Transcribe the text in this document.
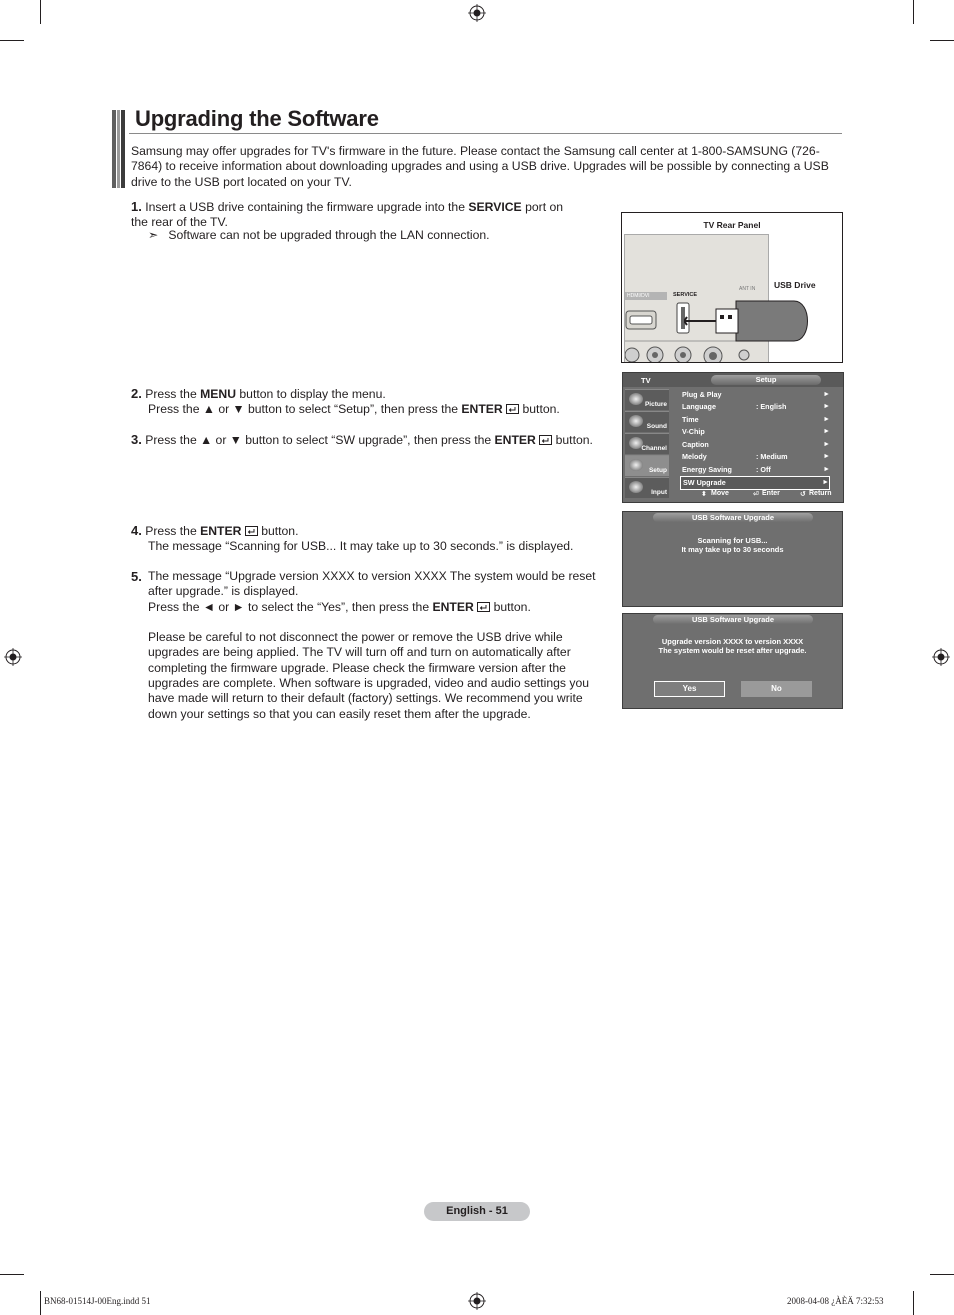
Upgrading the Software
Samsung may offer upgrades for TV's firmware in the future. Please contact the Samsung call center at 1-800-SAMSUNG (726-7864) to receive information about downloading upgrades and using a USB drive. Upgrades will be possible by connecting a USB drive to the USB port located on your TV.
1. Insert a USB drive containing the firmware upgrade into the SERVICE port on the rear of the TV.
➣ Software can not be upgraded through the LAN connection.
2. Press the MENU button to display the menu.
Press the ▲ or ▼ button to select “Setup”, then press the ENTER  button.
3. Press the ▲ or ▼ button to select “SW upgrade”, then press the ENTER  button.
4. Press the ENTER  button.
The message “Scanning for USB... It may take up to 30 seconds.” is displayed.
5. The message “Upgrade version XXXX to version XXXX The system would be reset after upgrade.” is displayed.
Press the ◄ or ► to select the “Yes”, then press the ENTER  button.
Please be careful to not disconnect the power or remove the USB drive while upgrades are being applied. The TV will turn off and turn on automatically after completing the firmware upgrade. Please check the firmware version after the upgrades are complete. When software is upgraded, video and audio settings you have made will return to their default (factory) settings. We recommend you write down your settings so that you can easily reset them after the upgrade.
TV Rear Panel
HDMI/DVI	SERVICE
ANT IN USB Drive
TV	Setup
Picture
Sound
Channel
Setup
Input
Plug & Play	►
Language	: English	►
Time	►
V-Chip	►
Caption	►
Melody	: Medium	►
Energy Saving	: Off	►
SW Upgrade	►
⬍ Move	⏎ Enter	↺ Return
USB Software Upgrade
Scanning for USB...
It may take up to 30 seconds
USB Software Upgrade
Upgrade version XXXX to version XXXX
The system would be reset after upgrade.
Yes	No
English - 51
BN68-01514J-00Eng.indd 51	2008-04-08 ¿ÀÈÄ 7:32:53
